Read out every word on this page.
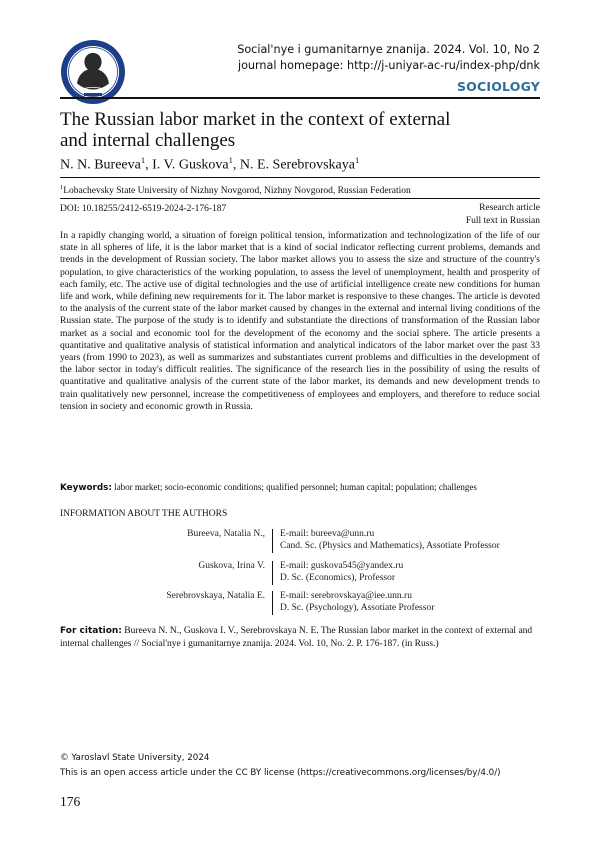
Social'nye i gumanitarnye znanija. 2024. Vol. 10, No 2
journal homepage: http://j-uniyar-ac-ru/index-php/dnk
SOCIOLOGY
The Russian labor market in the context of external and internal challenges
N. N. Bureeva$^1$, I. V. Guskova$^1$, N. E. Serebrovskaya$^1$
$^1$Lobachevsky State University of Nizhny Novgorod, Nizhny Novgorod, Russian Federation
DOI: 10.18255/2412-6519-2024-2-176-187	Research article
Full text in Russian

In a rapidly changing world, a situation of foreign political tension, informatization and technologization of the life of our state in all spheres of life, it is the labor market that is a kind of social indicator reflecting current problems, demands and trends in the development of Russian society. The labor market allows you to assess the size and structure of the country's population, to give characteristics of the working population, to assess the level of unemployment, health and prosperity of each family, etc. The active use of digital technologies and the use of artificial intelligence create new conditions for human life and work, while defining new requirements for it. The labor market is responsive to these changes. The article is devoted to the analysis of the current state of the labor market caused by changes in the external and internal living conditions of the Russian state. The purpose of the study is to identify and substantiate the directions of transformation of the Russian labor market as a social and economic tool for the development of the economy and the social sphere. The article presents a quantitative and qualitative analysis of statistical information and analytical indicators of the labor market over the past 33 years (from 1990 to 2023), as well as summarizes and substantiates current problems and difficulties in the development of the labor sector in today's difficult realities. The significance of the research lies in the possibility of using the results of quantitative and qualitative analysis of the current state of the labor market, its demands and new development trends to train qualitatively new personnel, increase the competitiveness of employees and employers, and therefore to reduce social tension in society and economic growth in Russia.

Keywords: labor market; socio-economic conditions; qualified personnel; human capital; population; challenges
INFORMATION ABOUT THE AUTHORS
Bureeva, Natalia N., E-mail: bureeva@unn.ru
Cand. Sc. (Physics and Mathematics), Assotiate Professor
Guskova, Irina V. E-mail: guskova545@yandex.ru
D. Sc. (Economics), Professor
Serebrovskaya, Natalia E. E-mail: serebrovskaya@iee.unn.ru
D. Sc. (Psychology), Assotiate Professor

For citation: Bureeva N. N., Guskova I. V., Serebrovskaya N. E. The Russian labor market in the context of external and internal challenges // Social'nye i gumanitarnye znanija. 2024. Vol. 10, No. 2. P. 176-187. (in Russ.)

© Yaroslavl State University, 2024
This is an open access article under the CC BY license (https://creativecommons.org/licenses/by/4.0/)
176
